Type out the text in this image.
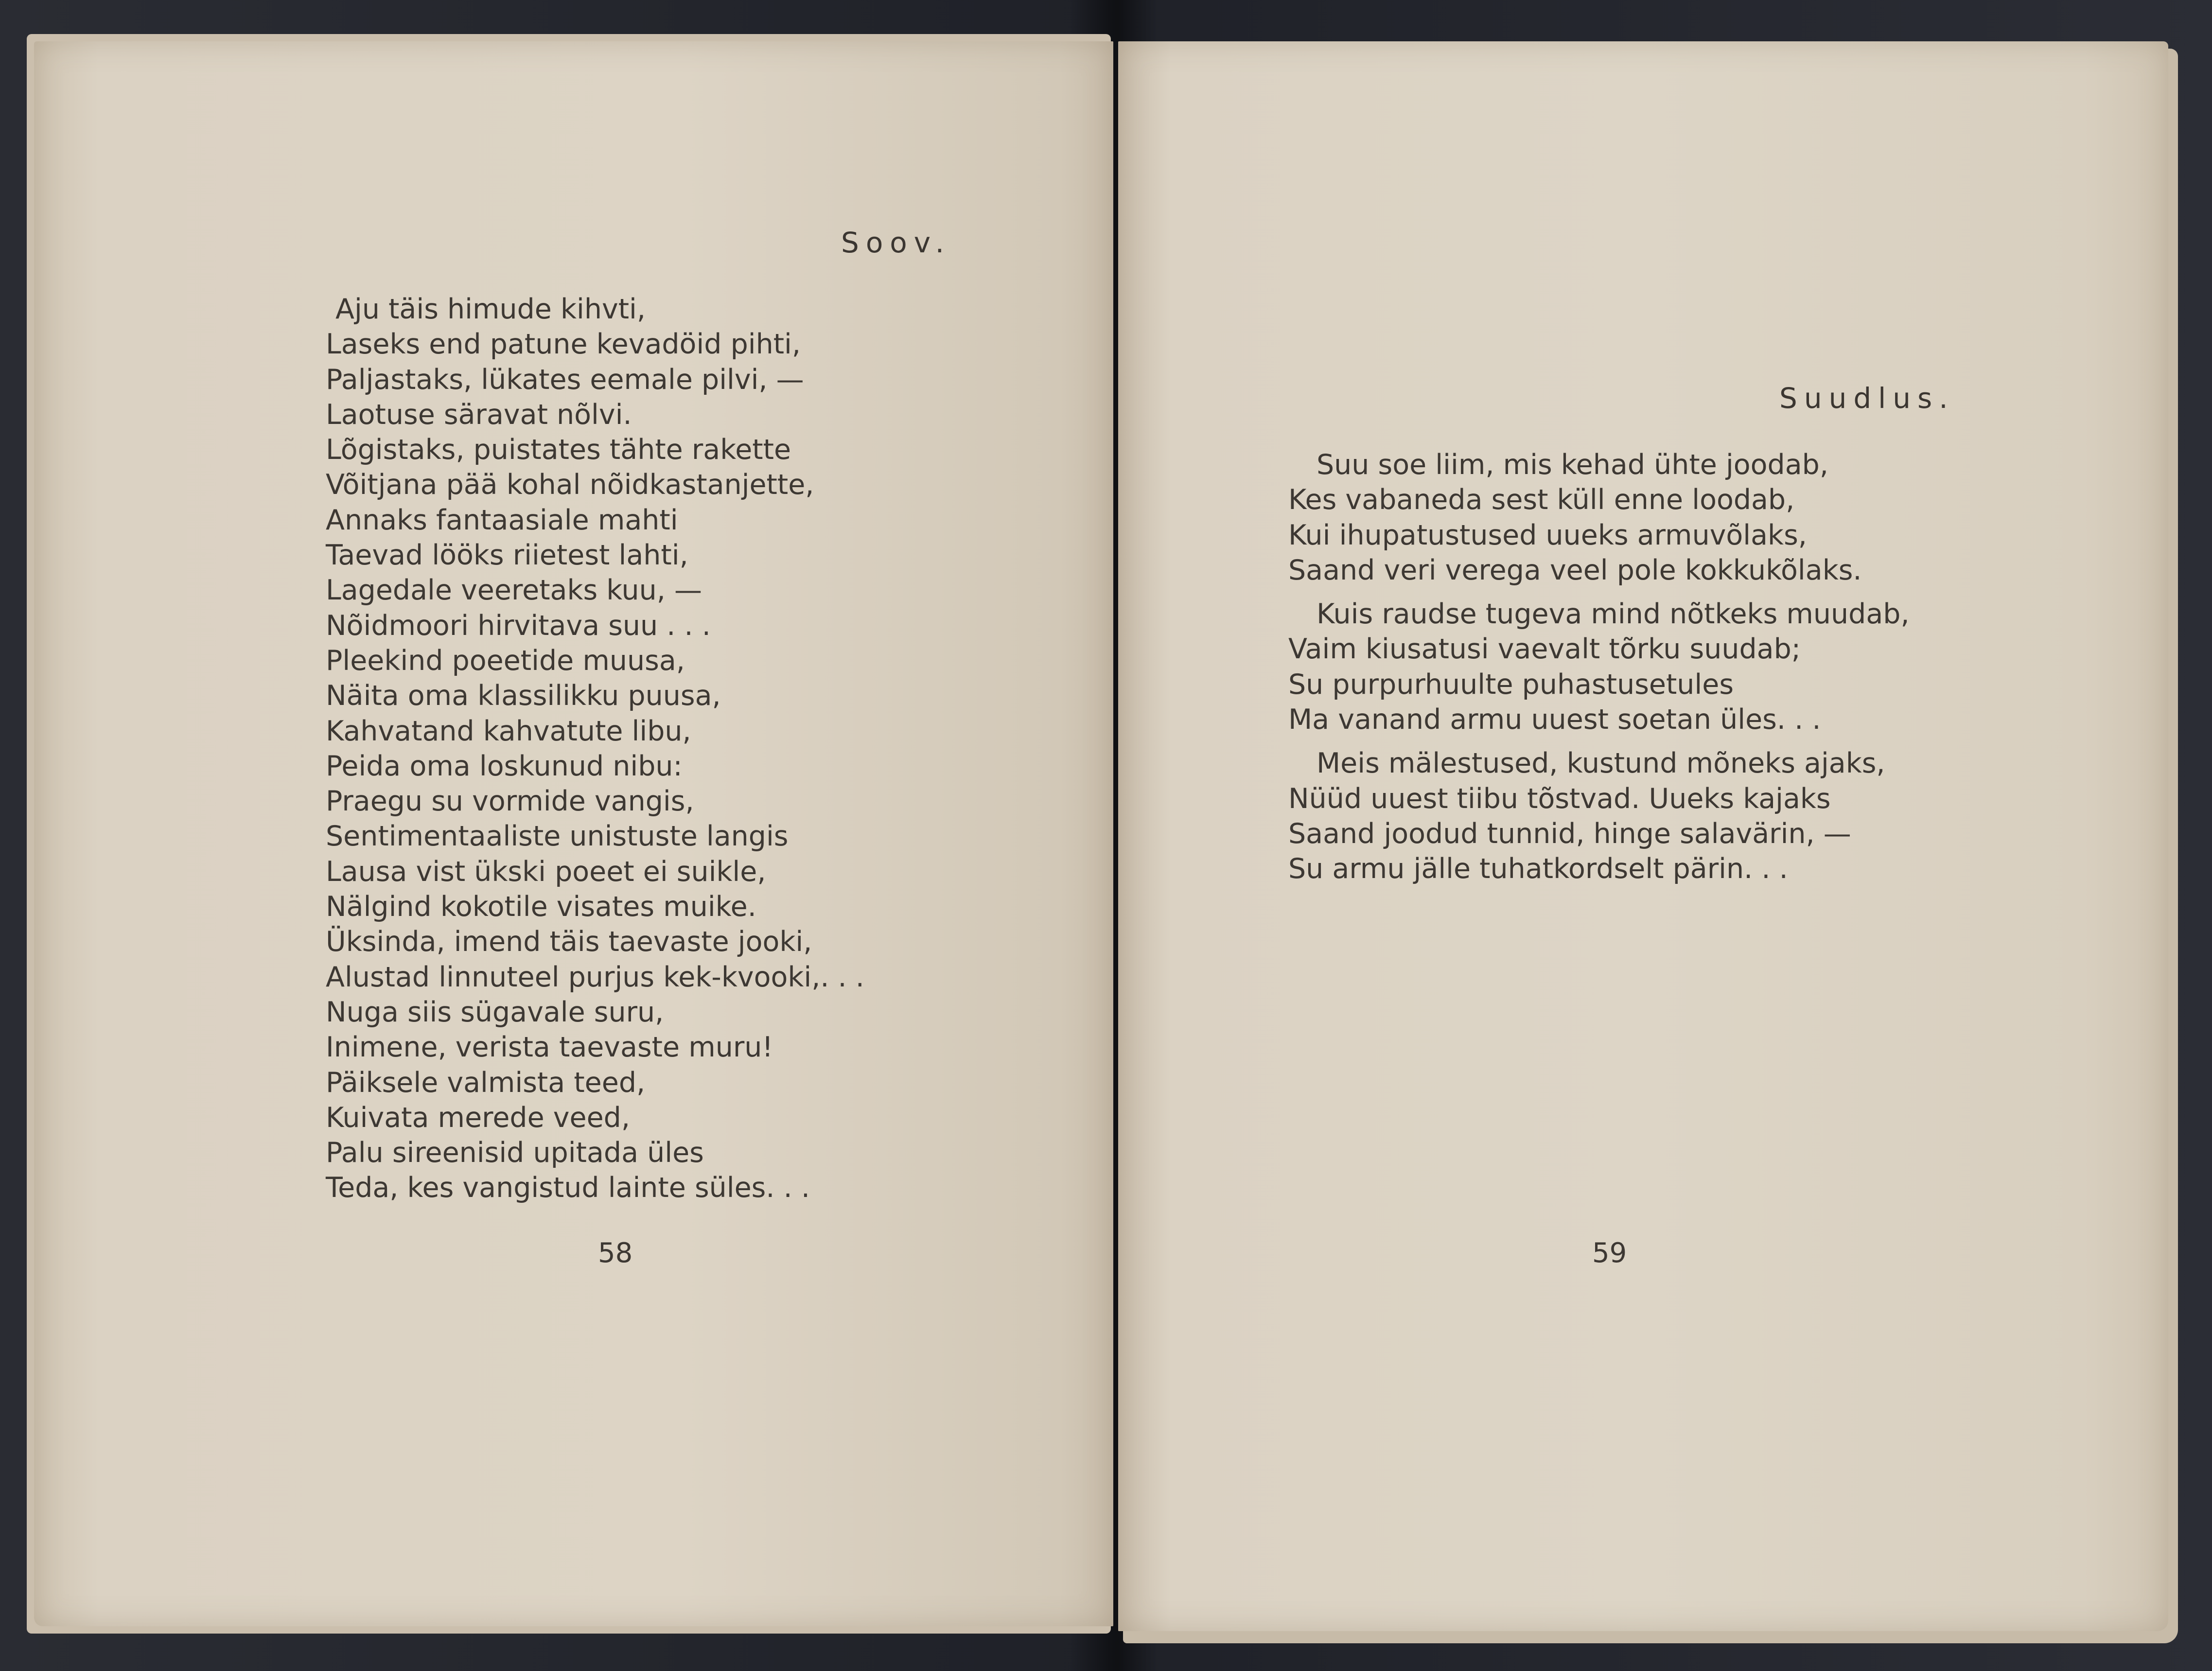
Soov.
Aju täis himude kihvti,
Laseks end patune kevadöid pihti,
Paljastaks, lükates eemale pilvi, —
Laotuse säravat nõlvi.
Lõgistaks, puistates tähte rakette
Võitjana pää kohal nõidkastanjette,
Annaks fantaasiale mahti
Taevad lööks riietest lahti,
Lagedale veeretaks kuu, —
Nõidmoori hirvitava suu . . .
Pleekind poeetide muusa,
Näita oma klassilikku puusa,
Kahvatand kahvatute libu,
Peida oma loskunud nibu:
Praegu su vormide vangis,
Sentimentaaliste unistuste langis
Lausa vist ükski poeet ei suikle,
Nälgind kokotile visates muike.
Üksinda, imend täis taevaste jooki,
Alustad linnuteel purjus kek-kvooki,. . .
Nuga siis sügavale suru,
Inimene, verista taevaste muru!
Päiksele valmista teed,
Kuivata merede veed,
Palu sireenisid upitada üles
Teda, kes vangistud lainte süles. . .

58

Suudlus.
Suu soe liim, mis kehad ühte joodab,
Kes vabaneda sest küll enne loodab,
Kui ihupatustused uueks armuvõlaks,
Saand veri verega veel pole kokkukõlaks.
Kuis raudse tugeva mind nõtkeks muudab,
Vaim kiusatusi vaevalt tõrku suudab;
Su purpurhuulte puhastusetules
Ma vanand armu uuest soetan üles. . .
Meis mälestused, kustund mõneks ajaks,
Nüüd uuest tiibu tõstvad. Uueks kajaks
Saand joodud tunnid, hinge salavärin, —
Su armu jälle tuhatkordselt pärin. . .

59
